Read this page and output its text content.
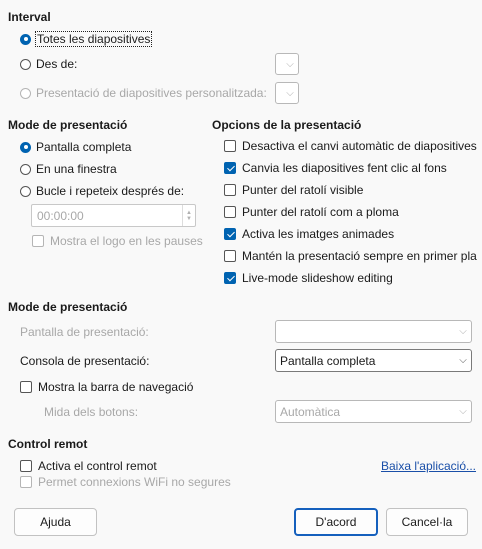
Interval
Totes les diapositives
Des de:	⌵
Presentació de diapositives personalitzada:	⌵
Mode de presentació
Pantalla completa
En una finestra
Bucle i repeteix després de:
00:00:00	▲
▼
Mostra el logo en les pauses
Opcions de la presentació
Desactiva el canvi automàtic de diapositives
Canvia les diapositives fent clic al fons
Punter del ratolí visible
Punter del ratolí com a ploma
Activa les imatges animades
Mantén la presentació sempre en primer pla
Live-mode slideshow editing
Mode de presentació
Pantalla de presentació:	⌵
Consola de presentació:	Pantalla completa	⌵
Mostra la barra de navegació
Mida dels botons:	Automàtica	⌵
Control remot
Activa el control remot	Baixa l'aplicació...
Permet connexions WiFi no segures
Ajuda	D'acord	Cancel·la
